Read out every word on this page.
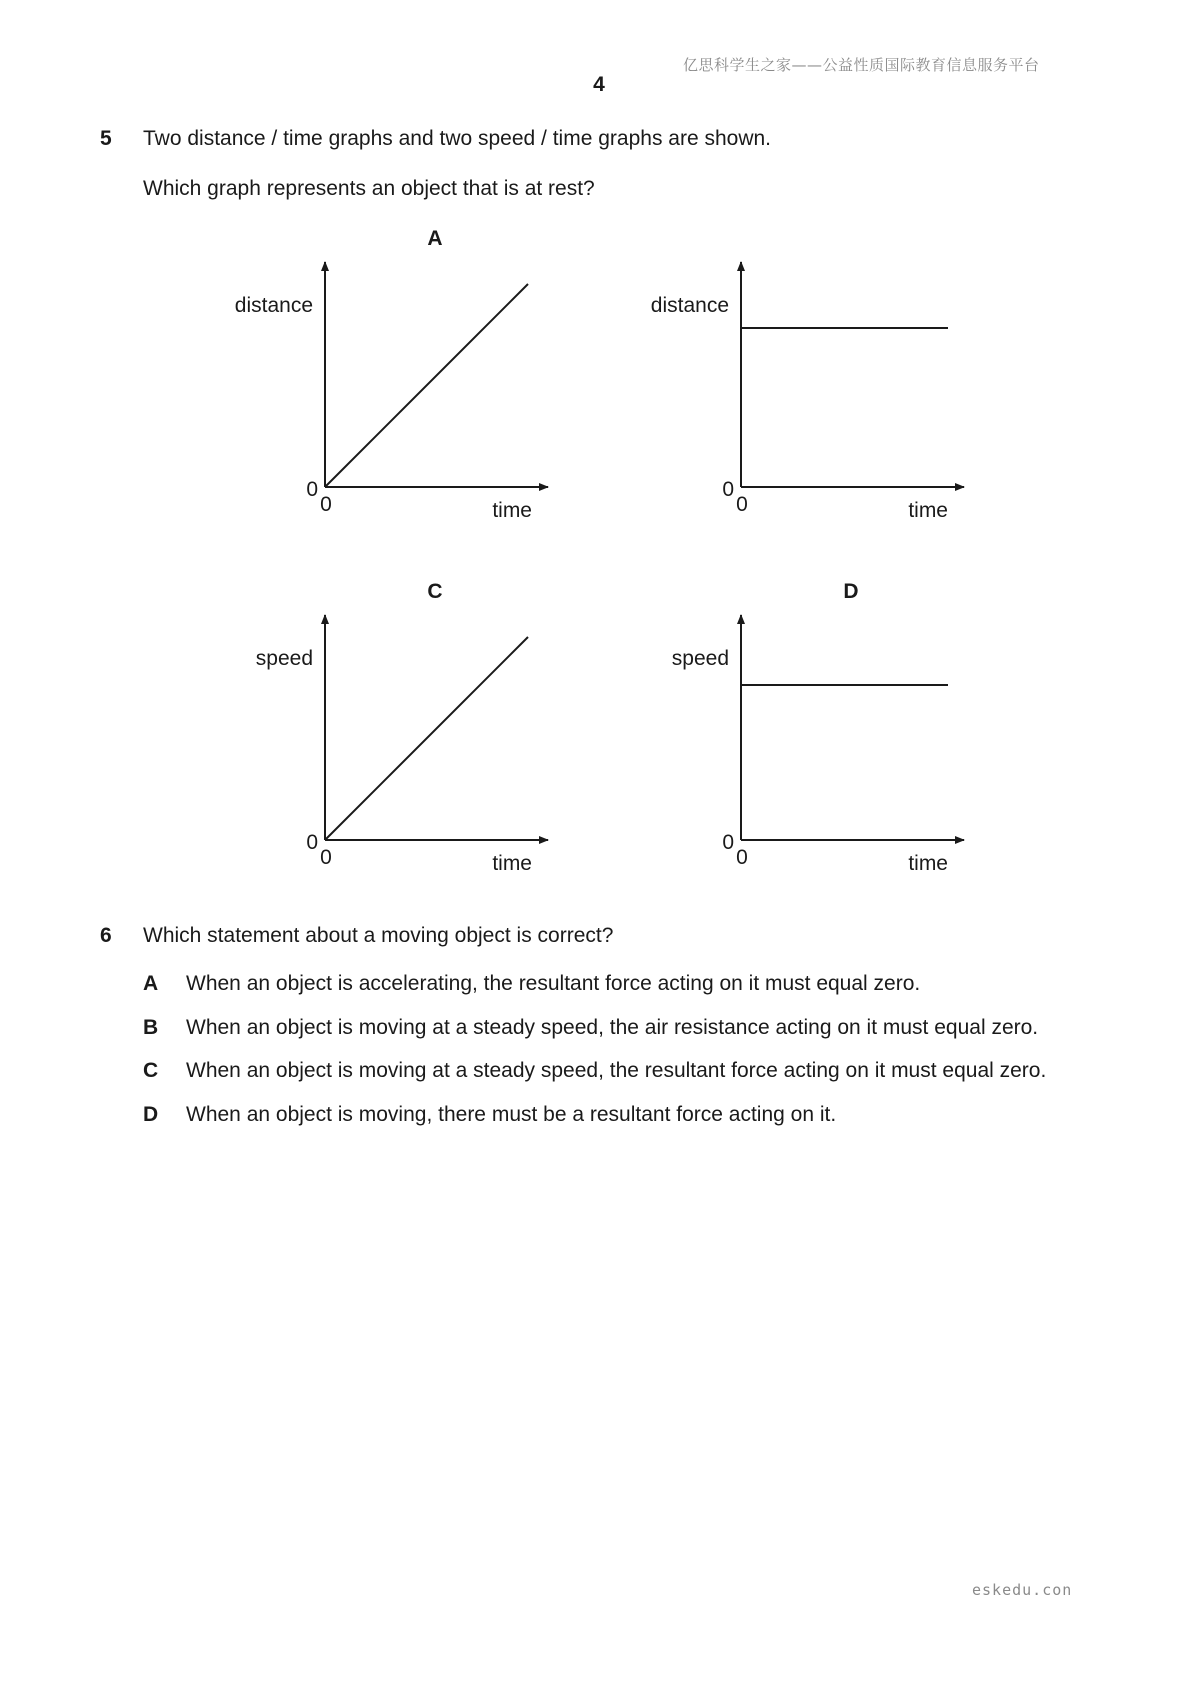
亿思科学生之家——公益性质国际教育信息服务平台
4
5 Two distance / time graphs and two speed / time graphs are shown.
Which graph represents an object that is at rest?
A
distance
0
0	time
distance
0
0	time
C
speed
0
0	time
D
speed
0
0	time
6 Which statement about a moving object is correct?
A When an object is accelerating, the resultant force acting on it must equal zero.
B When an object is moving at a steady speed, the air resistance acting on it must equal zero.
C When an object is moving at a steady speed, the resultant force acting on it must equal zero.
D When an object is moving, there must be a resultant force acting on it.
eskedu.con
